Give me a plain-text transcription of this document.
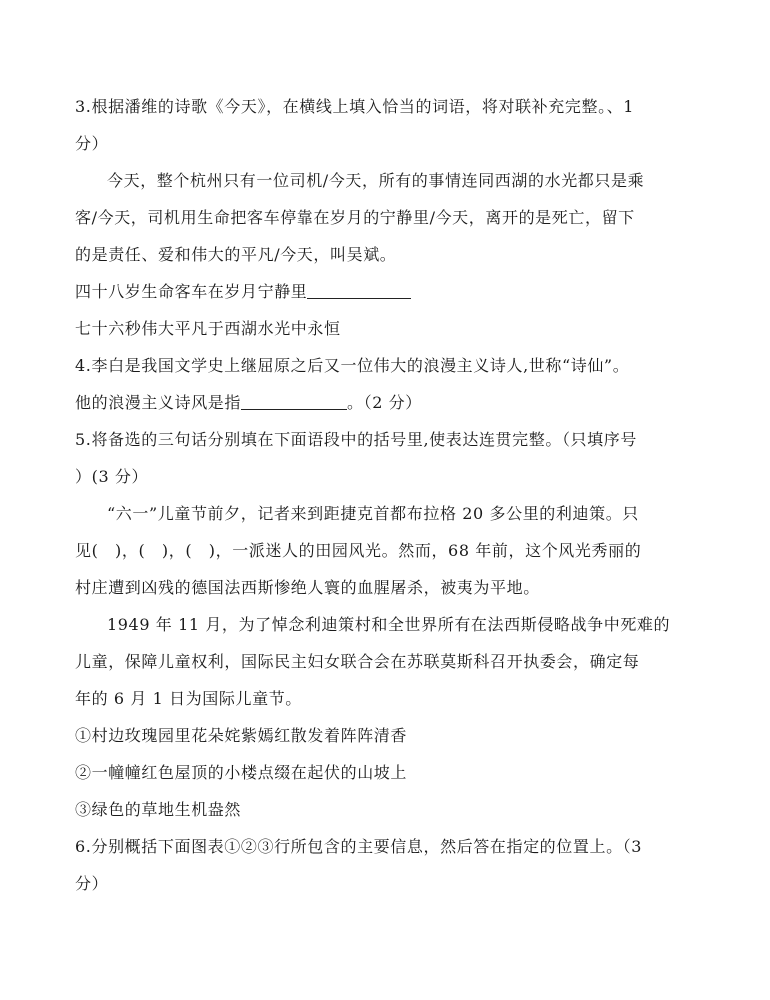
3.根据潘维的诗歌《今天》，在横线上填入恰当的词语，将对联补充完整。、1
分）
今天，整个杭州只有一位司机/今天，所有的事情连同西湖的水光都只是乘
客/今天，司机用生命把客车停靠在岁月的宁静里/今天，离开的是死亡，留下
的是责任、爱和伟大的平凡/今天，叫吴斌。
四十八岁生命客车在岁月宁静里
七十六秒伟大平凡于西湖水光中永恒
4.李白是我国文学史上继屈原之后又一位伟大的浪漫主义诗人,世称“诗仙”。
他的浪漫主义诗风是指	。（2 分）
5.将备选的三句话分别填在下面语段中的括号里,使表达连贯完整。（只填序号
）(3 分）
“六一”儿童节前夕，记者来到距捷克首都布拉格 20 多公里的利迪策。只
见(　)，(　)，(　)，一派迷人的田园风光。然而，68 年前，这个风光秀丽的
村庄遭到凶残的德国法西斯惨绝人寰的血腥屠杀，被夷为平地。
1949 年 11 月，为了悼念利迪策村和全世界所有在法西斯侵略战争中死难的
儿童，保障儿童权利，国际民主妇女联合会在苏联莫斯科召开执委会，确定每
年的 6 月 1 日为国际儿童节。
①村边玫瑰园里花朵姹紫嫣红散发着阵阵清香
②一幢幢红色屋顶的小楼点缀在起伏的山坡上
③绿色的草地生机盎然
6.分别概括下面图表①②③行所包含的主要信息，然后答在指定的位置上。（3
分）
